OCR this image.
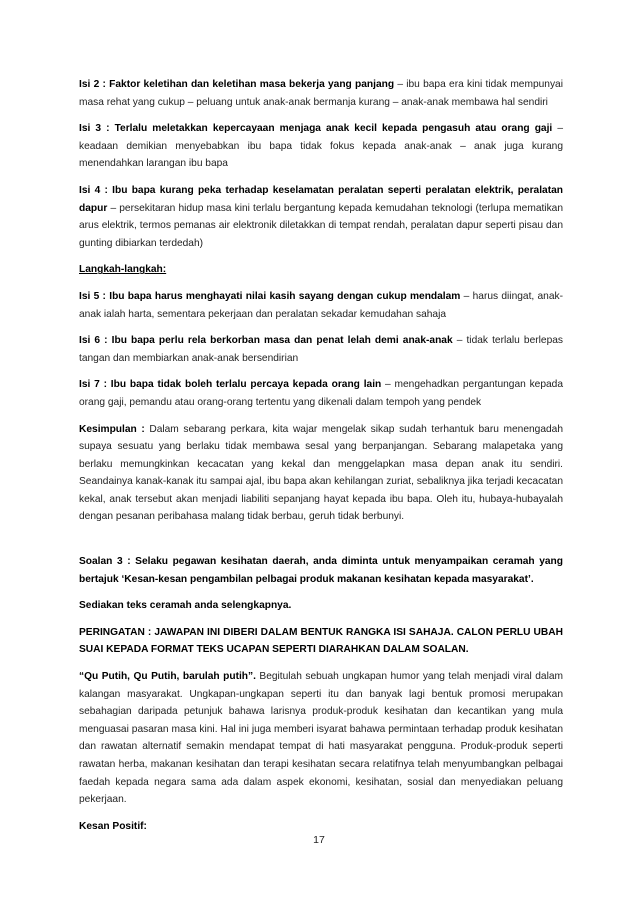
Isi 2 : Faktor keletihan dan keletihan masa bekerja yang panjang – ibu bapa era kini tidak mempunyai masa rehat yang cukup – peluang untuk anak-anak bermanja kurang – anak-anak membawa hal sendiri

Isi 3 : Terlalu meletakkan kepercayaan menjaga anak kecil kepada pengasuh atau orang gaji – keadaan demikian menyebabkan ibu bapa tidak fokus kepada anak-anak – anak juga kurang menendahkan larangan ibu bapa

Isi 4 : Ibu bapa kurang peka terhadap keselamatan peralatan seperti peralatan elektrik, peralatan dapur – persekitaran hidup masa kini terlalu bergantung kepada kemudahan teknologi (terlupa mematikan arus elektrik, termos pemanas air elektronik diletakkan di tempat rendah, peralatan dapur seperti pisau dan gunting dibiarkan terdedah)

Langkah-langkah:

Isi 5 : Ibu bapa harus menghayati nilai kasih sayang dengan cukup mendalam – harus diingat, anak-anak ialah harta, sementara pekerjaan dan peralatan sekadar kemudahan sahaja

Isi 6 : Ibu bapa perlu rela berkorban masa dan penat lelah demi anak-anak – tidak terlalu berlepas tangan dan membiarkan anak-anak bersendirian

Isi 7 : Ibu bapa tidak boleh terlalu percaya kepada orang lain – mengehadkan pergantungan kepada orang gaji, pemandu atau orang-orang tertentu yang dikenali dalam tempoh yang pendek

Kesimpulan : Dalam sebarang perkara, kita wajar mengelak sikap sudah terhantuk baru menengadah supaya sesuatu yang berlaku tidak membawa sesal yang berpanjangan. Sebarang malapetaka yang berlaku memungkinkan kecacatan yang kekal dan menggelapkan masa depan anak itu sendiri. Seandainya kanak-kanak itu sampai ajal, ibu bapa akan kehilangan zuriat, sebaliknya jika terjadi kecacatan kekal, anak tersebut akan menjadi liabiliti sepanjang hayat kepada ibu bapa. Oleh itu, hubaya-hubayalah dengan pesanan peribahasa malang tidak berbau, geruh tidak berbunyi.

Soalan 3 : Selaku pegawan kesihatan daerah, anda diminta untuk menyampaikan ceramah yang bertajuk ‘Kesan-kesan pengambilan pelbagai produk makanan kesihatan kepada masyarakat’.

Sediakan teks ceramah anda selengkapnya.

PERINGATAN : JAWAPAN INI DIBERI DALAM BENTUK RANGKA ISI SAHAJA. CALON PERLU UBAH SUAI KEPADA FORMAT TEKS UCAPAN SEPERTI DIARAHKAN DALAM SOALAN.

“Qu Putih, Qu Putih, barulah putih”. Begitulah sebuah ungkapan humor yang telah menjadi viral dalam kalangan masyarakat. Ungkapan-ungkapan seperti itu dan banyak lagi bentuk promosi merupakan sebahagian daripada petunjuk bahawa larisnya produk-produk kesihatan dan kecantikan yang mula menguasai pasaran masa kini. Hal ini juga memberi isyarat bahawa permintaan terhadap produk kesihatan dan rawatan alternatif semakin mendapat tempat di hati masyarakat pengguna. Produk-produk seperti rawatan herba, makanan kesihatan dan terapi kesihatan secara relatifnya telah menyumbangkan pelbagai faedah kepada negara sama ada dalam aspek ekonomi, kesihatan, sosial dan menyediakan peluang pekerjaan.

Kesan Positif:

17
